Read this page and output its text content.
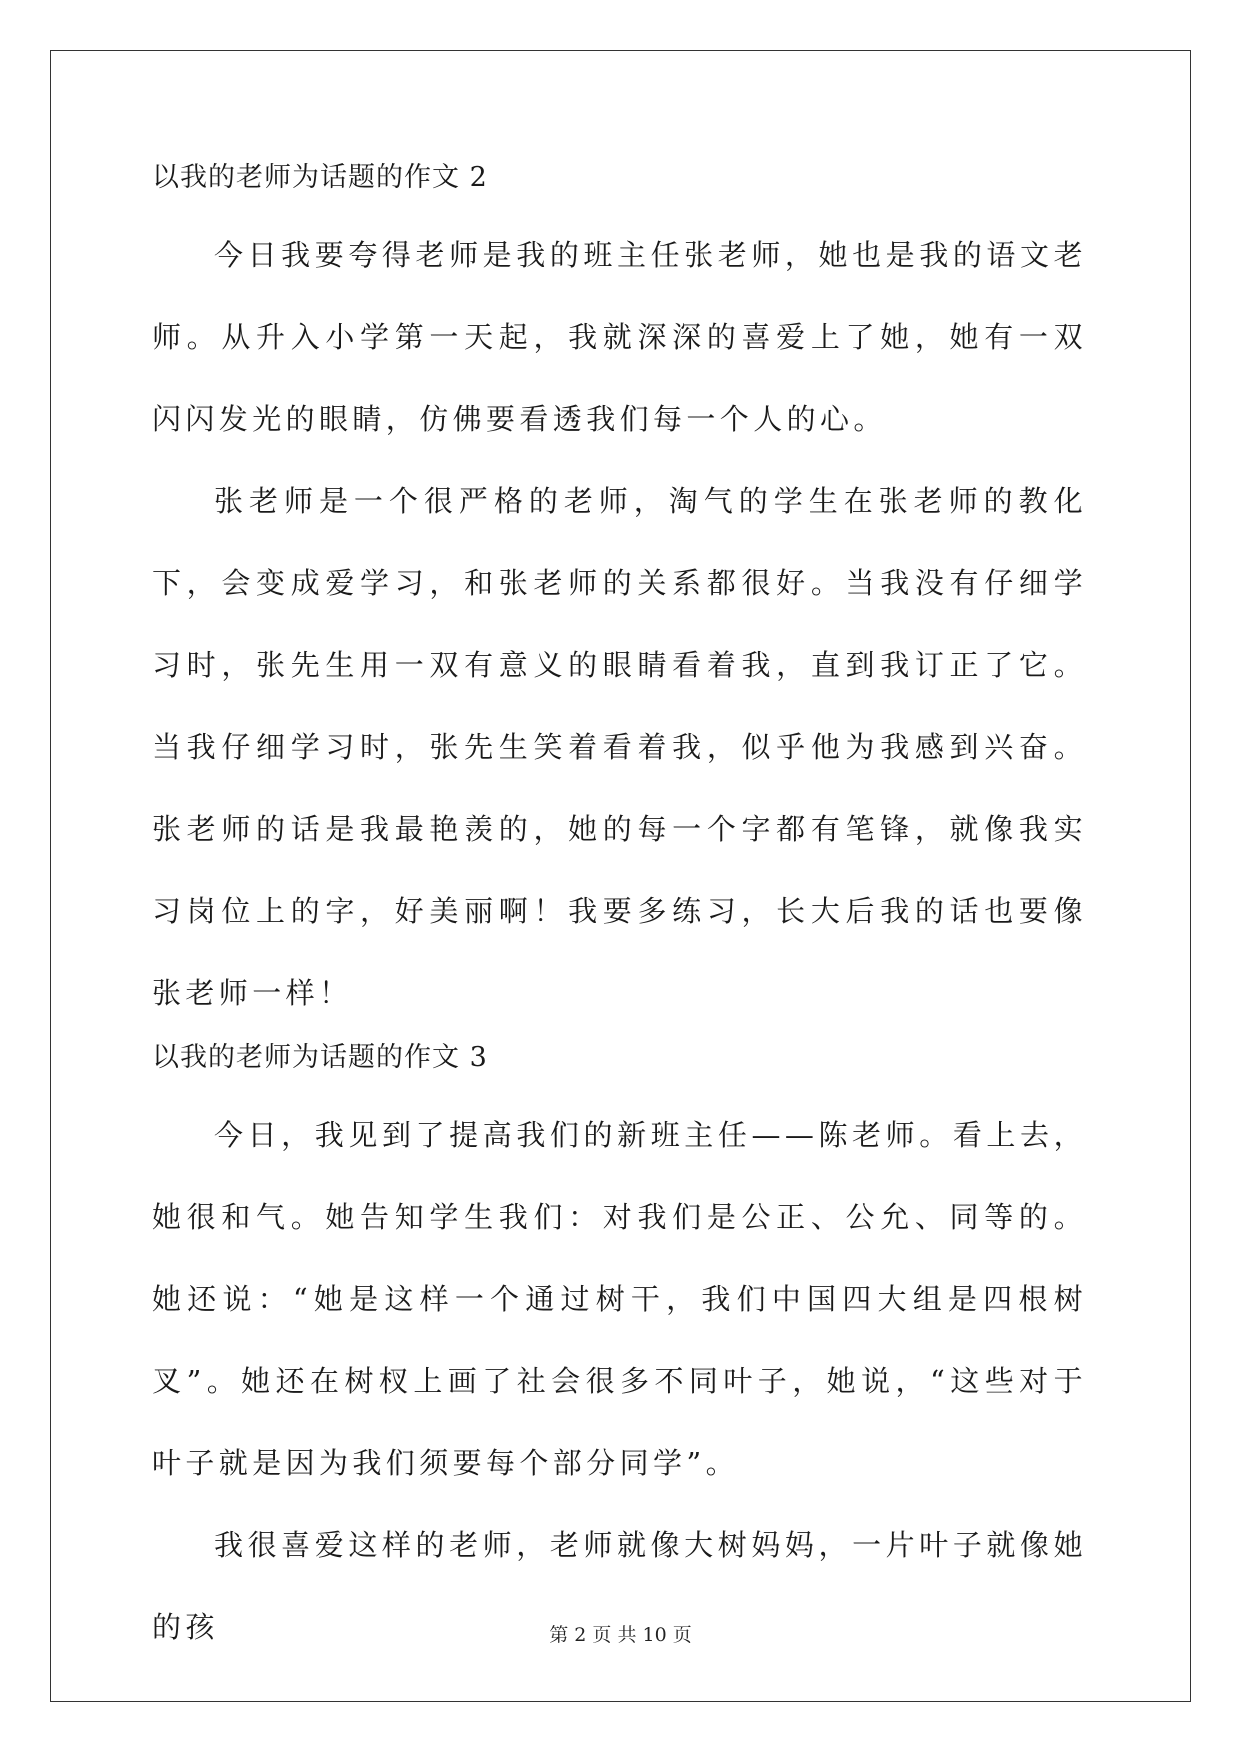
以我的老师为话题的作文 2

今日我要夸得老师是我的班主任张老师，她也是我的语文老师。从升入小学第一天起，我就深深的喜爱上了她，她有一双闪闪发光的眼睛，仿佛要看透我们每一个人的心。

张老师是一个很严格的老师，淘气的学生在张老师的教化下，会变成爱学习，和张老师的关系都很好。当我没有仔细学习时，张先生用一双有意义的眼睛看着我，直到我订正了它。当我仔细学习时，张先生笑着看着我，似乎他为我感到兴奋。张老师的话是我最艳羡的，她的每一个字都有笔锋，就像我实习岗位上的字，好美丽啊！我要多练习，长大后我的话也要像张老师一样！

以我的老师为话题的作文 3

今日，我见到了提高我们的新班主任——陈老师。看上去，她很和气。她告知学生我们：对我们是公正、公允、同等的。她还说：“她是这样一个通过树干，我们中国四大组是四根树叉”。她还在树杈上画了社会很多不同叶子，她说，“这些对于叶子就是因为我们须要每个部分同学”。

我很喜爱这样的老师，老师就像大树妈妈，一片叶子就像她的孩	第 2 页 共 10 页
